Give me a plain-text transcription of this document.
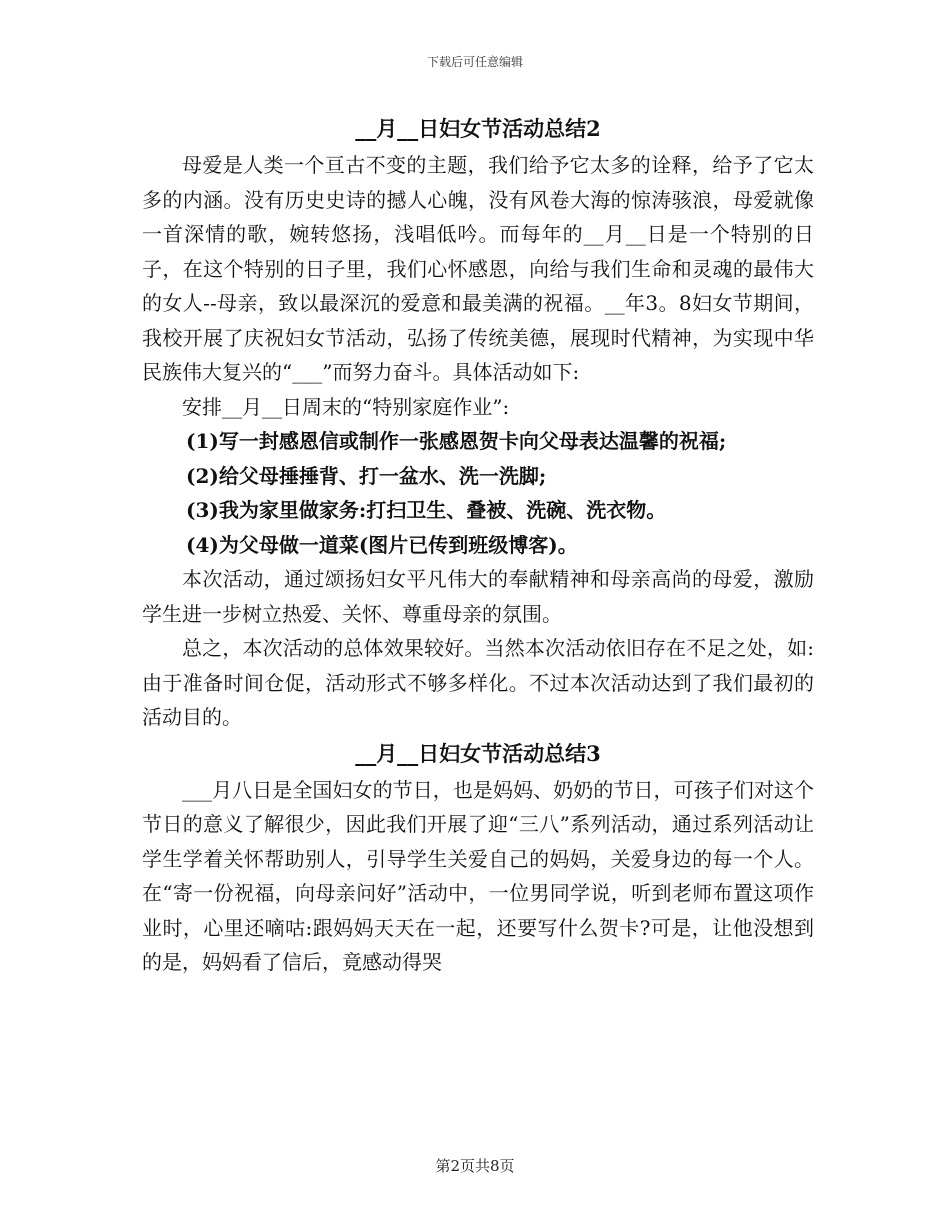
下载后可任意编辑
__月__日妇女节活动总结2

母爱是人类一个亘古不变的主题，我们给予它太多的诠释，给予了它太多的内涵。没有历史史诗的撼人心魄，没有风卷大海的惊涛骇浪，母爱就像一首深情的歌，婉转悠扬，浅唱低吟。而每年的__月__日是一个特别的日子，在这个特别的日子里，我们心怀感恩，向给与我们生命和灵魂的最伟大的女人--母亲，致以最深沉的爱意和最美满的祝福。__年3。8妇女节期间，我校开展了庆祝妇女节活动，弘扬了传统美德，展现时代精神，为实现中华民族伟大复兴的“___”而努力奋斗。具体活动如下:

安排__月__日周末的“特别家庭作业”:

(1)写一封感恩信或制作一张感恩贺卡向父母表达温馨的祝福;

(2)给父母捶捶背、打一盆水、洗一洗脚;

(3)我为家里做家务:打扫卫生、叠被、洗碗、洗衣物。

(4)为父母做一道菜(图片已传到班级博客)。

本次活动，通过颂扬妇女平凡伟大的奉献精神和母亲高尚的母爱，激励学生进一步树立热爱、关怀、尊重母亲的氛围。

总之，本次活动的总体效果较好。当然本次活动依旧存在不足之处，如:由于准备时间仓促，活动形式不够多样化。不过本次活动达到了我们最初的活动目的。

__月__日妇女节活动总结3

___月八日是全国妇女的节日，也是妈妈、奶奶的节日，可孩子们对这个节日的意义了解很少，因此我们开展了迎“三八”系列活动，通过系列活动让学生学着关怀帮助别人，引导学生关爱自己的妈妈，关爱身边的每一个人。在“寄一份祝福，向母亲问好”活动中，一位男同学说，听到老师布置这项作业时，心里还嘀咕:跟妈妈天天在一起，还要写什么贺卡?可是，让他没想到的是，妈妈看了信后，竟感动得哭

第2页共8页
